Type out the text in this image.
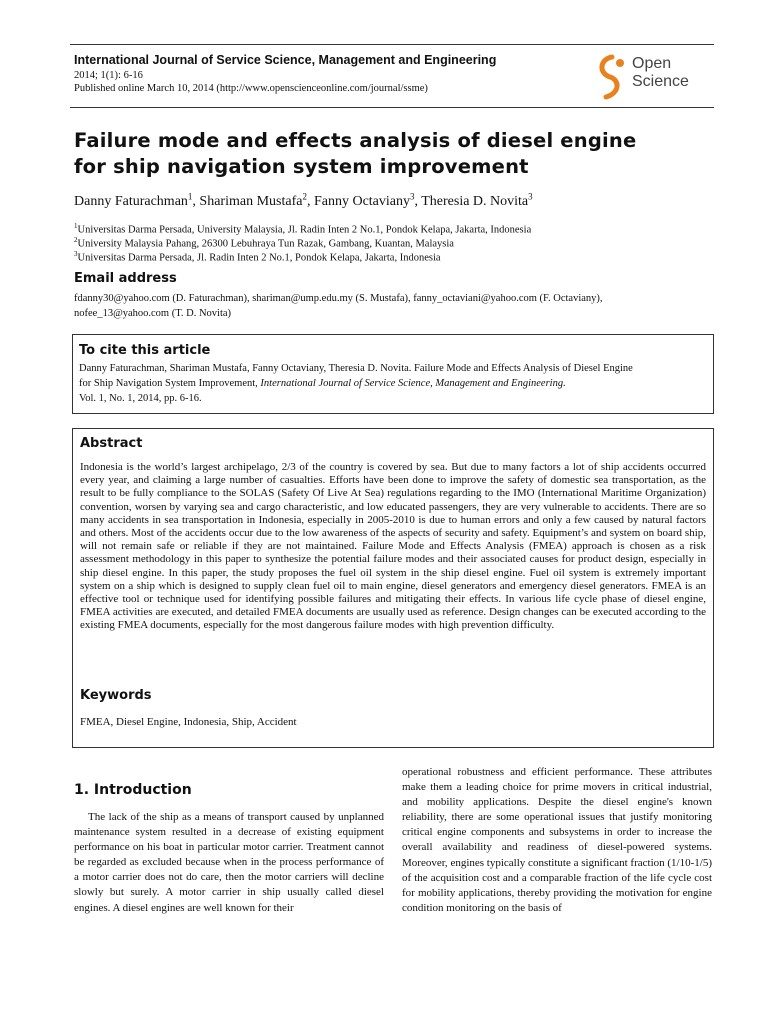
International Journal of Service Science, Management and Engineering
2014; 1(1): 6-16
Published online March 10, 2014 (http://www.openscienceonline.com/journal/ssme)
Open
Science
Failure mode and effects analysis of diesel engine
for ship navigation system improvement
Danny Faturachman$^1$, Shariman Mustafa$^2$, Fanny Octaviany$^3$, Theresia D. Novita$^3$
$^1$Universitas Darma Persada, University Malaysia, Jl. Radin Inten 2 No.1, Pondok Kelapa, Jakarta, Indonesia
$^2$University Malaysia Pahang, 26300 Lebuhraya Tun Razak, Gambang, Kuantan, Malaysia
$^3$Universitas Darma Persada, Jl. Radin Inten 2 No.1, Pondok Kelapa, Jakarta, Indonesia
Email address
fdanny30@yahoo.com (D. Faturachman), shariman@ump.edu.my (S. Mustafa), fanny_octaviani@yahoo.com (F. Octaviany),
nofee_13@yahoo.com (T. D. Novita)
To cite this article
Danny Faturachman, Shariman Mustafa, Fanny Octaviany, Theresia D. Novita. Failure Mode and Effects Analysis of Diesel Engine
for Ship Navigation System Improvement, International Journal of Service Science, Management and Engineering.
Vol. 1, No. 1, 2014, pp. 6-16.
Abstract
Indonesia is the world’s largest archipelago, 2/3 of the country is covered by sea. But due to many factors a lot of ship accidents occurred every year, and claiming a large number of casualties. Efforts have been done to improve the safety of domestic sea transportation, as the result to be fully compliance to the SOLAS (Safety Of Live At Sea) regulations regarding to the IMO (International Maritime Organization) convention, worsen by varying sea and cargo characteristic, and low educated passengers, they are very vulnerable to accidents. There are so many accidents in sea transportation in Indonesia, especially in 2005-2010 is due to human errors and only a few caused by natural factors and others. Most of the accidents occur due to the low awareness of the aspects of security and safety. Equipment’s and system on board ship, will not remain safe or reliable if they are not maintained. Failure Mode and Effects Analysis (FMEA) approach is chosen as a risk assessment methodology in this paper to synthesize the potential failure modes and their associated causes for product design, especially in ship diesel engine. In this paper, the study proposes the fuel oil system in the ship diesel engine. Fuel oil system is extremely important system on a ship which is designed to supply clean fuel oil to main engine, diesel generators and emergency diesel generators. FMEA is an effective tool or technique used for identifying possible failures and mitigating their effects. In various life cycle phase of diesel engine, FMEA activities are executed, and detailed FMEA documents are usually used as reference. Design changes can be executed according to the existing FMEA documents, especially for the most dangerous failure modes with high prevention difficulty.
Keywords
FMEA, Diesel Engine, Indonesia, Ship, Accident
1. Introduction

The lack of the ship as a means of transport caused by unplanned maintenance system resulted in a decrease of existing equipment performance on his boat in particular motor carrier. Treatment cannot be regarded as excluded because when in the process performance of a motor carrier does not do care, then the motor carriers will decline slowly but surely. A motor carrier in ship usually called diesel engines. A diesel engines are well known for their

operational robustness and efficient performance. These attributes make them a leading choice for prime movers in critical industrial, and mobility applications. Despite the diesel engine's known reliability, there are some operational issues that justify monitoring critical engine components and subsystems in order to increase the overall availability and readiness of diesel-powered systems. Moreover, engines typically constitute a significant fraction (1/10-1/5) of the acquisition cost and a comparable fraction of the life cycle cost for mobility applications, thereby providing the motivation for engine condition monitoring on the basis of
